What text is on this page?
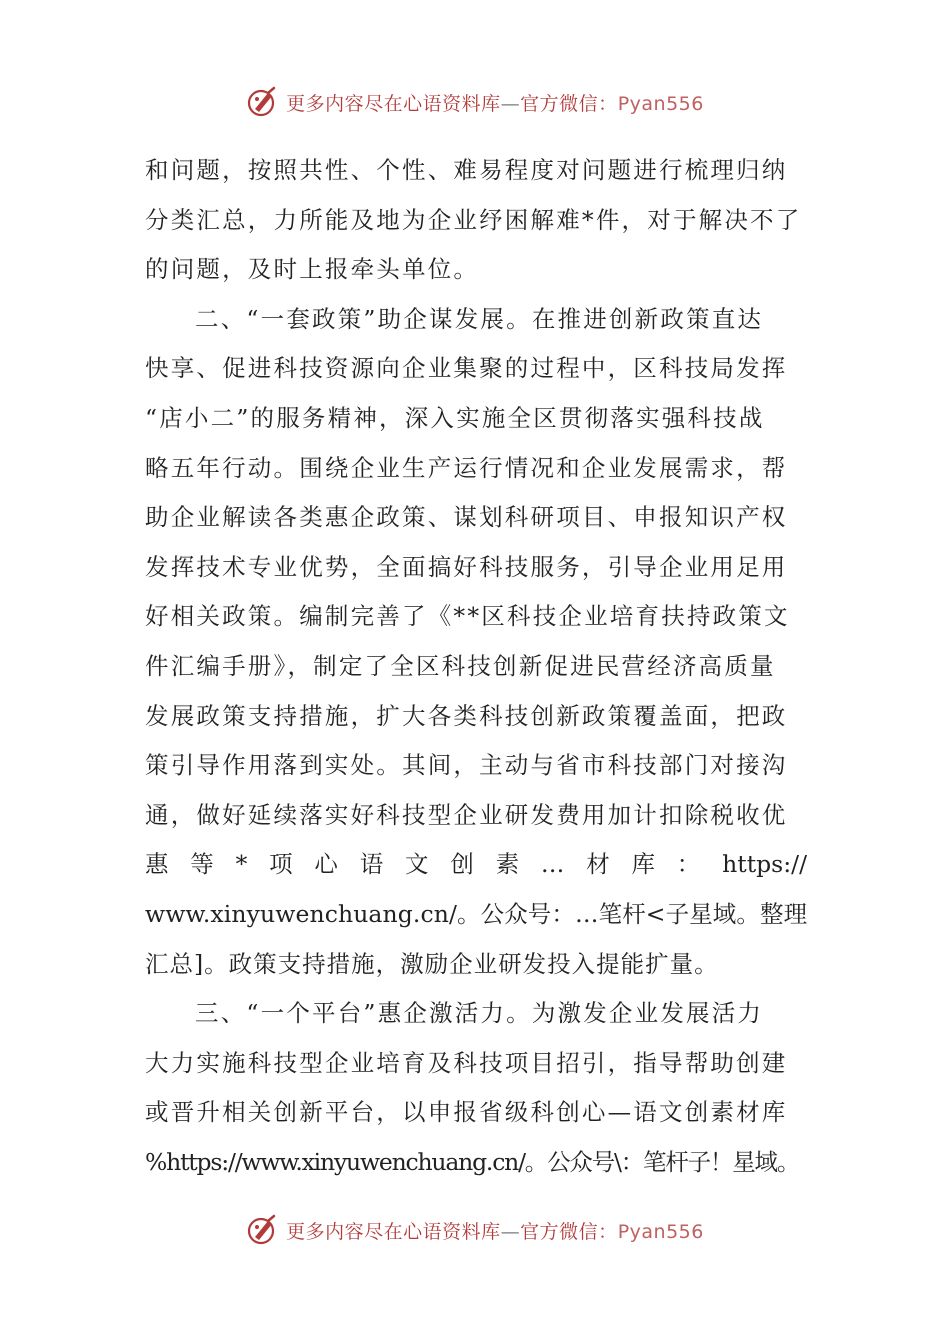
更多内容尽在心语资料库—官方微信：Pyan556
和问题，按照共性、个性、难易程度对问题进行梳理归纳
分类汇总，力所能及地为企业纾困解难*件，对于解决不了
的问题，及时上报牵头单位。
二、“一套政策”助企谋发展。在推进创新政策直达
快享、促进科技资源向企业集聚的过程中，区科技局发挥
“店小二”的服务精神，深入实施全区贯彻落实强科技战
略五年行动。围绕企业生产运行情况和企业发展需求，帮
助企业解读各类惠企政策、谋划科研项目、申报知识产权
发挥技术专业优势，全面搞好科技服务，引导企业用足用
好相关政策。编制完善了《**区科技企业培育扶持政策文
件汇编手册》，制定了全区科技创新促进民营经济高质量
发展政策支持措施，扩大各类科技创新政策覆盖面，把政
策引导作用落到实处。其间，主动与省市科技部门对接沟
通，做好延续落实好科技型企业研发费用加计扣除税收优
惠等*项心语文创素…材库：https://
www.xinyuwenchuang.cn/。公众号：…笔杆<子星域。整理
汇总]。政策支持措施，激励企业研发投入提能扩量。
三、“一个平台”惠企激活力。为激发企业发展活力
大力实施科技型企业培育及科技项目招引，指导帮助创建
或晋升相关创新平台，以申报省级科创心—语文创素材库
%https://www.xinyuwenchuang.cn/。公众号\：笔杆子！星域。
更多内容尽在心语资料库—官方微信：Pyan556
